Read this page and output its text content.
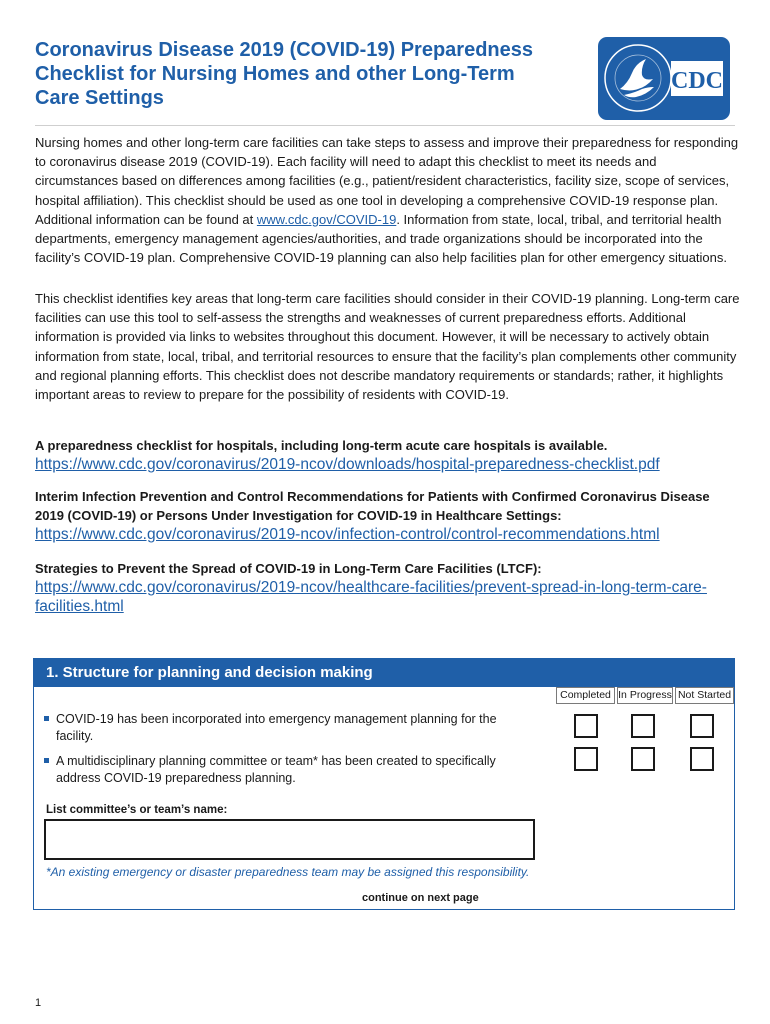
Coronavirus Disease 2019 (COVID-19) Preparedness
Checklist for Nursing Homes and other Long-Term
Care Settings
CDC

Nursing homes and other long-term care facilities can take steps to assess and improve their preparedness for responding to coronavirus disease 2019 (COVID-19). Each facility will need to adapt this checklist to meet its needs and circumstances based on differences among facilities (e.g., patient/resident characteristics, facility size, scope of services, hospital affiliation). This checklist should be used as one tool in developing a comprehensive COVID-19 response plan. Additional information can be found at www.cdc.gov/COVID-19. Information from state, local, tribal, and territorial health departments, emergency management agencies/authorities, and trade organizations should be incorporated into the facility’s COVID-19 plan. Comprehensive COVID-19 planning can also help facilities plan for other emergency situations.

This checklist identifies key areas that long-term care facilities should consider in their COVID-19 planning. Long-term care facilities can use this tool to self-assess the strengths and weaknesses of current preparedness efforts. Additional information is provided via links to websites throughout this document. However, it will be necessary to actively obtain information from state, local, tribal, and territorial resources to ensure that the facility’s plan complements other community and regional planning efforts. This checklist does not describe mandatory requirements or standards; rather, it highlights important areas to review to prepare for the possibility of residents with COVID-19.

A preparedness checklist for hospitals, including long-term acute care hospitals is available.
https://www.cdc.gov/coronavirus/2019-ncov/downloads/hospital-preparedness-checklist.pdf
Interim Infection Prevention and Control Recommendations for Patients with Confirmed Coronavirus Disease 2019 (COVID-19) or Persons Under Investigation for COVID-19 in Healthcare Settings:
https://www.cdc.gov/coronavirus/2019-ncov/infection-control/control-recommendations.html
Strategies to Prevent the Spread of COVID-19 in Long-Term Care Facilities (LTCF):
https://www.cdc.gov/coronavirus/2019-ncov/healthcare-facilities/prevent-spread-in-long-term-care-facilities.html
1. Structure for planning and decision making
Completed In Progress Not Started
COVID-19 has been incorporated into emergency management planning for the facility.
A multidisciplinary planning committee or team* has been created to specifically address COVID-19 preparedness planning.
List committee’s or team’s name:
*An existing emergency or disaster preparedness team may be assigned this responsibility.
continue on next page
1
